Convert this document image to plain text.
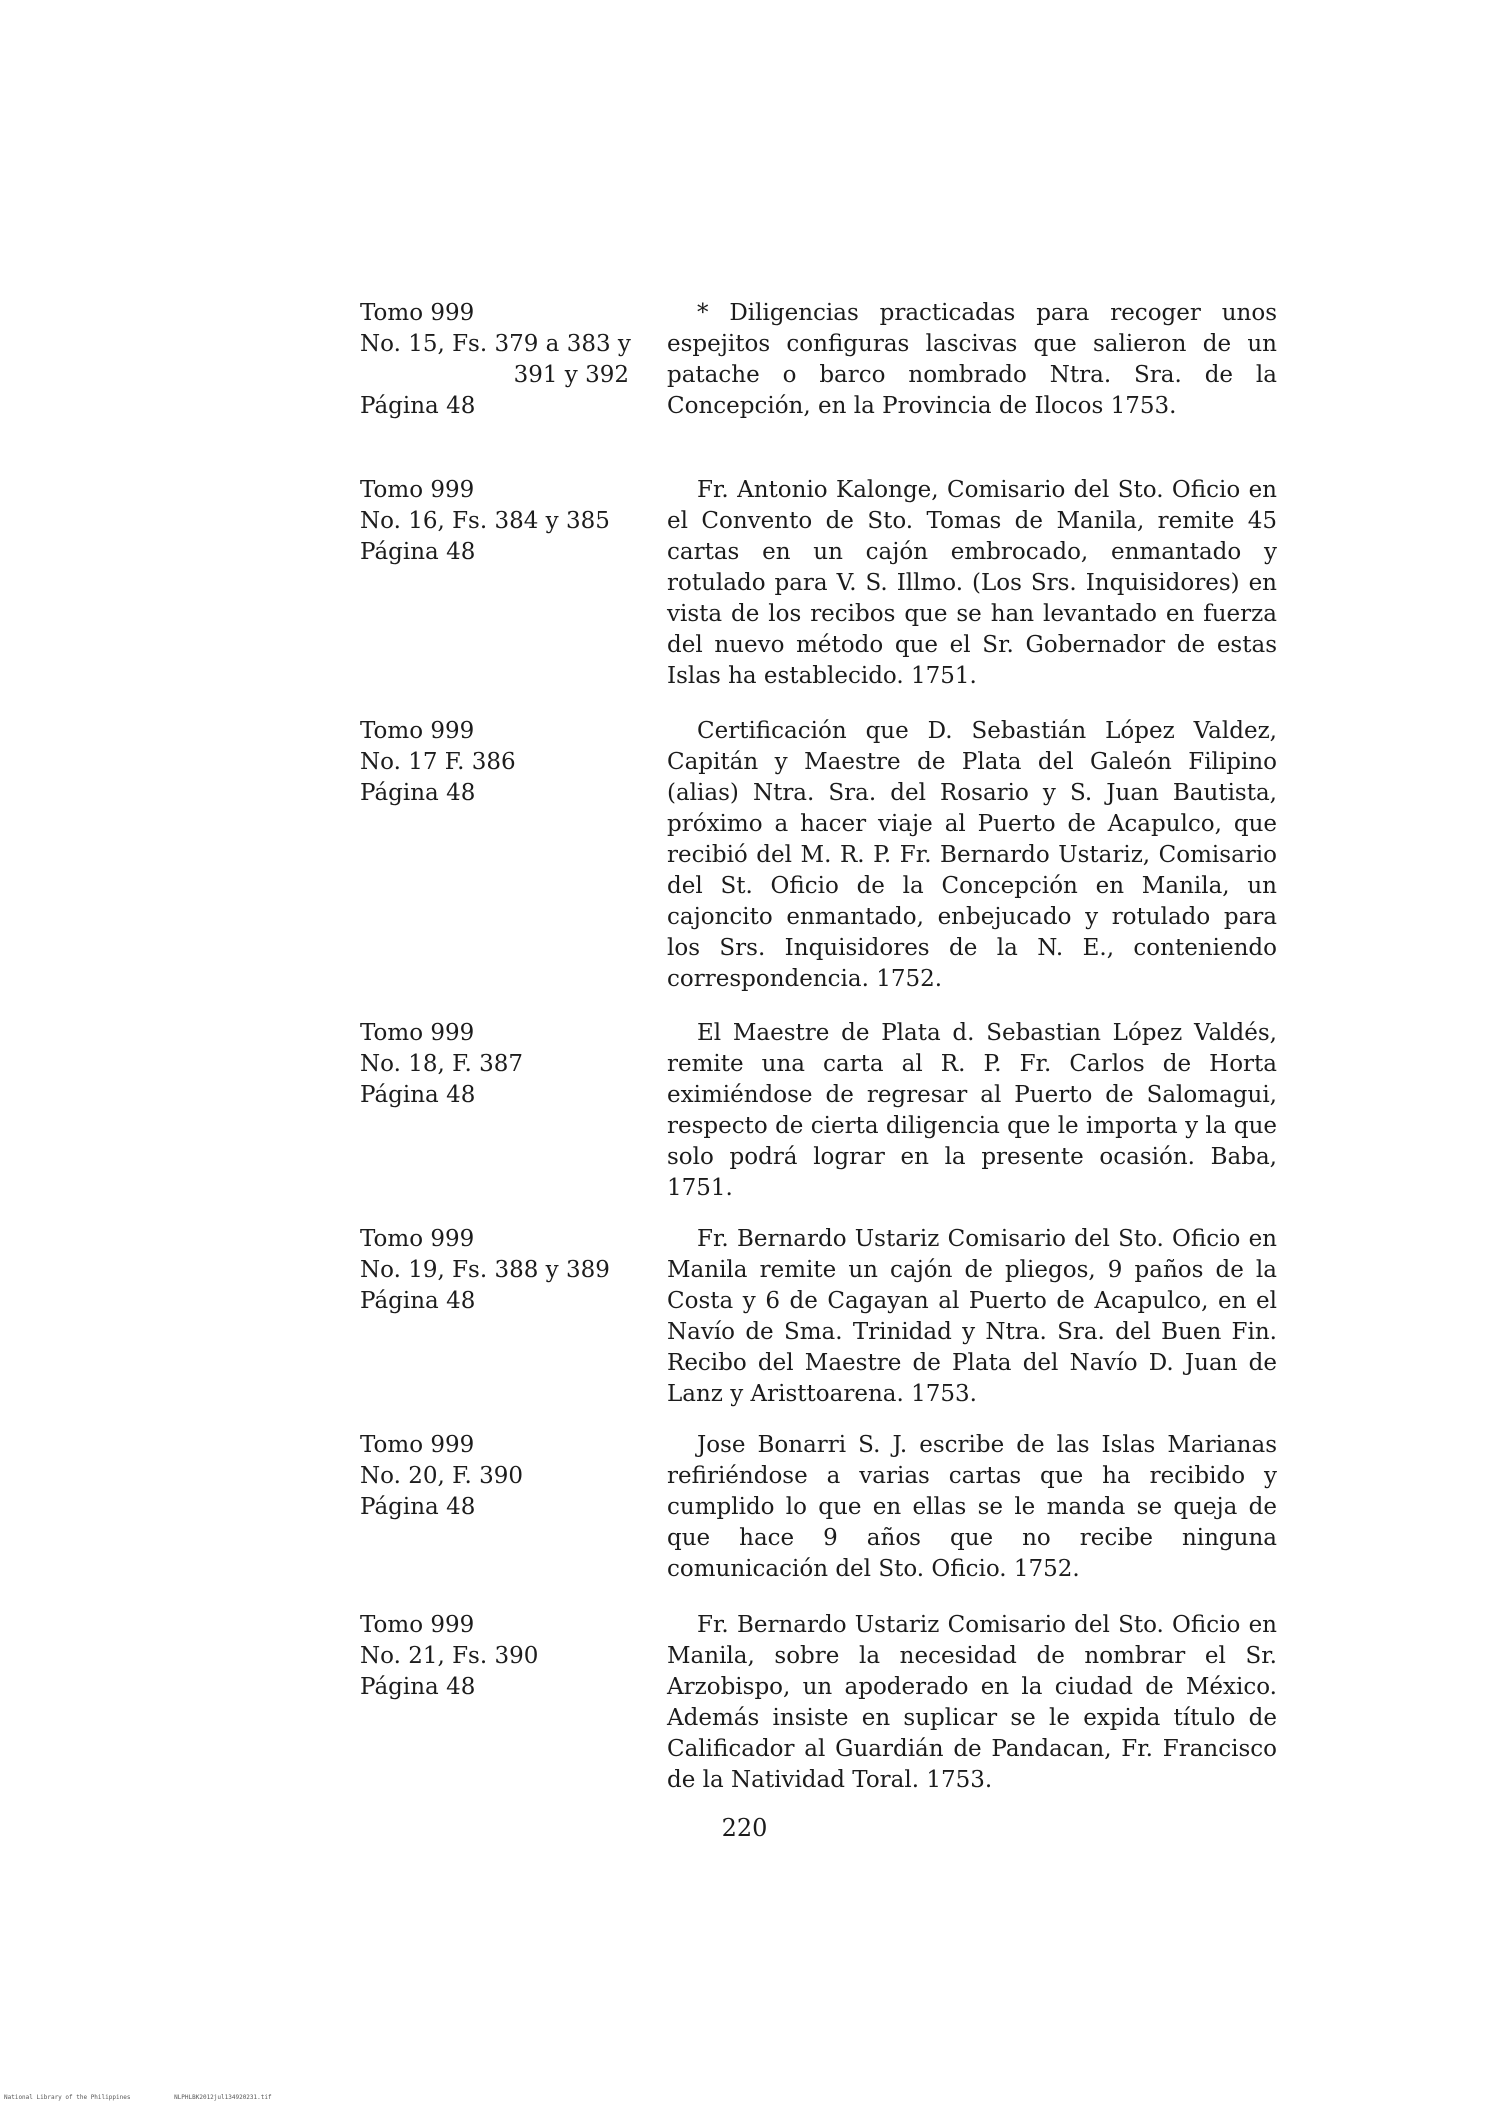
Tomo 999
No. 15, Fs. 379 a 383 y
391 y 392
Página 48
* Diligencias practicadas para recoger unos espejitos configuras lascivas que salieron de un patache o barco nombrado Ntra. Sra. de la Concepción, en la Provincia de Ilocos 1753.
Tomo 999
No. 16, Fs. 384 y 385
Página 48
Fr. Antonio Kalonge, Comisario del Sto. Oficio en el Convento de Sto. Tomas de Manila, remite 45 cartas en un cajón embrocado, enmantado y rotulado para V. S. Illmo. (Los Srs. Inquisidores) en vista de los recibos que se han levantado en fuerza del nuevo método que el Sr. Gobernador de estas Islas ha establecido. 1751.
Tomo 999
No. 17 F. 386
Página 48
Certificación que D. Sebastián López Valdez, Capitán y Maestre de Plata del Galeón Filipino (alias) Ntra. Sra. del Rosario y S. Juan Bautista, próximo a hacer viaje al Puerto de Acapulco, que recibió del M. R. P. Fr. Bernardo Ustariz, Comisario del St. Oficio de la Concepción en Manila, un cajoncito enmantado, enbejucado y rotulado para los Srs. Inquisidores de la N. E., conteniendo correspondencia. 1752.
Tomo 999
No. 18, F. 387
Página 48
El Maestre de Plata d. Sebastian López Valdés, remite una carta al R. P. Fr. Carlos de Horta eximiéndose de regresar al Puerto de Salomagui, respecto de cierta diligencia que le importa y la que solo podrá lograr en la presente ocasión. Baba, 1751.
Tomo 999
No. 19, Fs. 388 y 389
Página 48
Fr. Bernardo Ustariz Comisario del Sto. Oficio en Manila remite un cajón de pliegos, 9 paños de la Costa y 6 de Cagayan al Puerto de Acapulco, en el Navío de Sma. Trinidad y Ntra. Sra. del Buen Fin. Recibo del Maestre de Plata del Navío D. Juan de Lanz y Aristtoarena. 1753.
Tomo 999
No. 20, F. 390
Página 48
Jose Bonarri S. J. escribe de las Islas Marianas refiriéndose a varias cartas que ha recibido y cumplido lo que en ellas se le manda se queja de que hace 9 años que no recibe ninguna comunicación del Sto. Oficio. 1752.
Tomo 999
No. 21, Fs. 390
Página 48
Fr. Bernardo Ustariz Comisario del Sto. Oficio en Manila, sobre la necesidad de nombrar el Sr. Arzobispo, un apoderado en la ciudad de México. Además insiste en suplicar se le expida título de Calificador al Guardián de Pandacan, Fr. Francisco de la Natividad Toral. 1753.
220
National Library of the Philippines	NLPHLBK2012jul134920231.tif
